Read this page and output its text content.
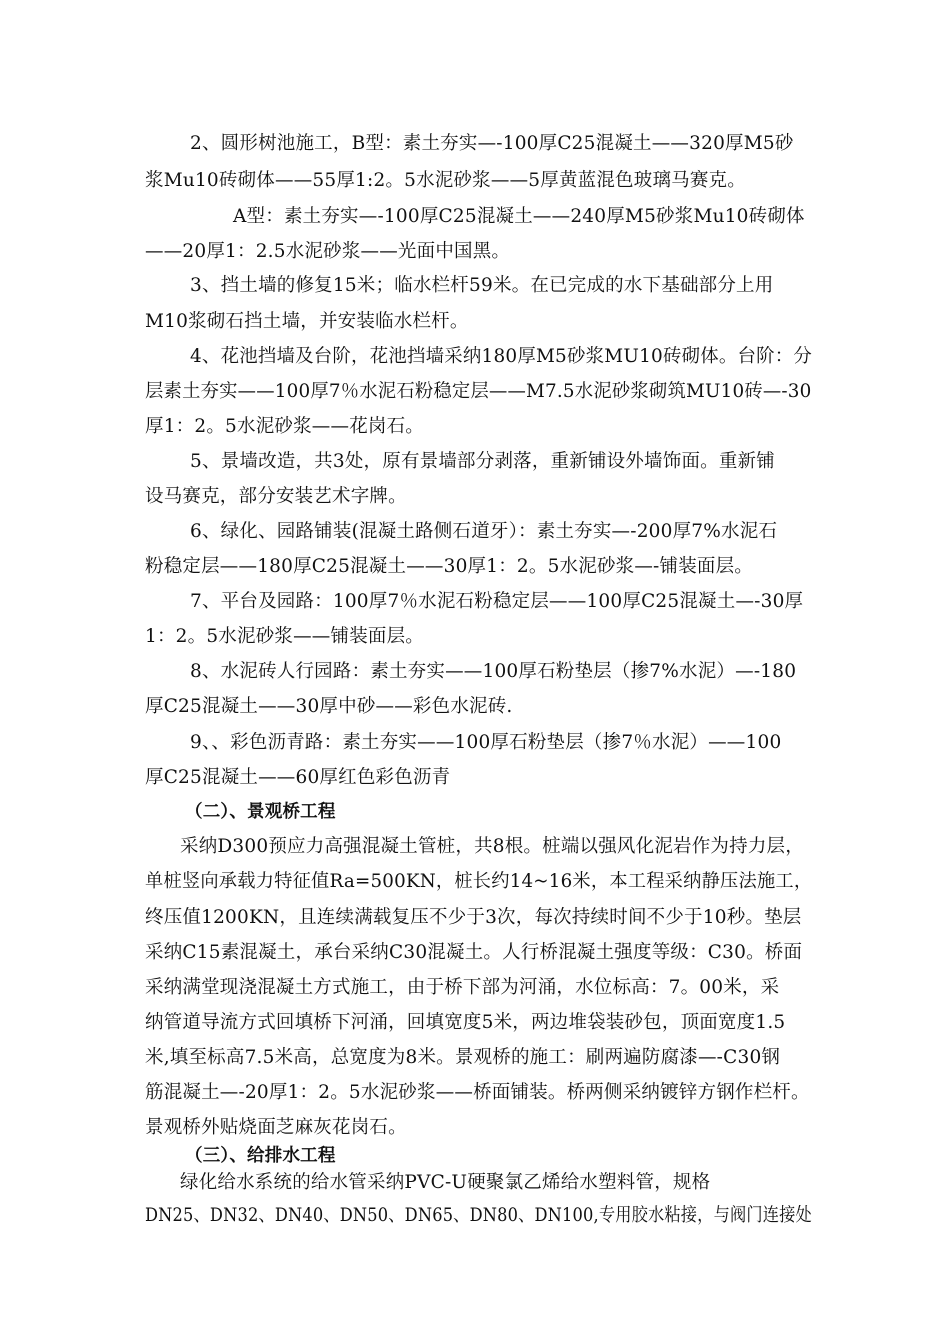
2、圆形树池施工，B型：素土夯实—-100厚C25混凝土——320厚M5砂
浆Mu10砖砌体——55厚1:2。5水泥砂浆——5厚黄蓝混色玻璃马赛克。
A型：素土夯实—-100厚C25混凝土——240厚M5砂浆Mu10砖砌体
——20厚1：2.5水泥砂浆——光面中国黑。
3、挡土墙的修复15米；临水栏杆59米。在已完成的水下基础部分上用
M10浆砌石挡土墙，并安装临水栏杆。
4、花池挡墙及台阶，花池挡墙采纳180厚M5砂浆MU10砖砌体。台阶：分
层素土夯实——100厚7％水泥石粉稳定层——M7.5水泥砂浆砌筑MU10砖—-30
厚1：2。5水泥砂浆——花岗石。
5、景墙改造，共3处，原有景墙部分剥落，重新铺设外墙饰面。重新铺
设马赛克，部分安装艺术字牌。
6、绿化、园路铺装(混凝土路侧石道牙）：素土夯实—-200厚7%水泥石
粉稳定层——180厚C25混凝土——30厚1：2。5水泥砂浆—-铺装面层。
7、平台及园路：100厚7％水泥石粉稳定层——100厚C25混凝土—-30厚
1：2。5水泥砂浆——铺装面层。
8、水泥砖人行园路：素土夯实——100厚石粉垫层（掺7%水泥）—-180
厚C25混凝土——30厚中砂——彩色水泥砖.
9、、彩色沥青路：素土夯实——100厚石粉垫层（掺7％水泥）——100
厚C25混凝土——60厚红色彩色沥青
（二）、景观桥工程
采纳D300预应力高强混凝土管桩，共8根。桩端以强风化泥岩作为持力层，
单桩竖向承载力特征值Ra=500KN，桩长约14~16米，本工程采纳静压法施工，
终压值1200KN，且连续满载复压不少于3次，每次持续时间不少于10秒。垫层
采纳C15素混凝土，承台采纳C30混凝土。人行桥混凝土强度等级：C30。桥面
采纳满堂现浇混凝土方式施工，由于桥下部为河涌，水位标高：7。00米，采
纳管道导流方式回填桥下河涌，回填宽度5米，两边堆袋装砂包，顶面宽度1.5
米,填至标高7.5米高，总宽度为8米。景观桥的施工：刷两遍防腐漆—-C30钢
筋混凝土—-20厚1：2。5水泥砂浆——桥面铺装。桥两侧采纳镀锌方钢作栏杆。
景观桥外贴烧面芝麻灰花岗石。
（三）、给排水工程
绿化给水系统的给水管采纳PVC-U硬聚氯乙烯给水塑料管，规格
DN25、DN32、DN40、DN50、DN65、DN80、DN100,专用胶水粘接，与阀门连接处
